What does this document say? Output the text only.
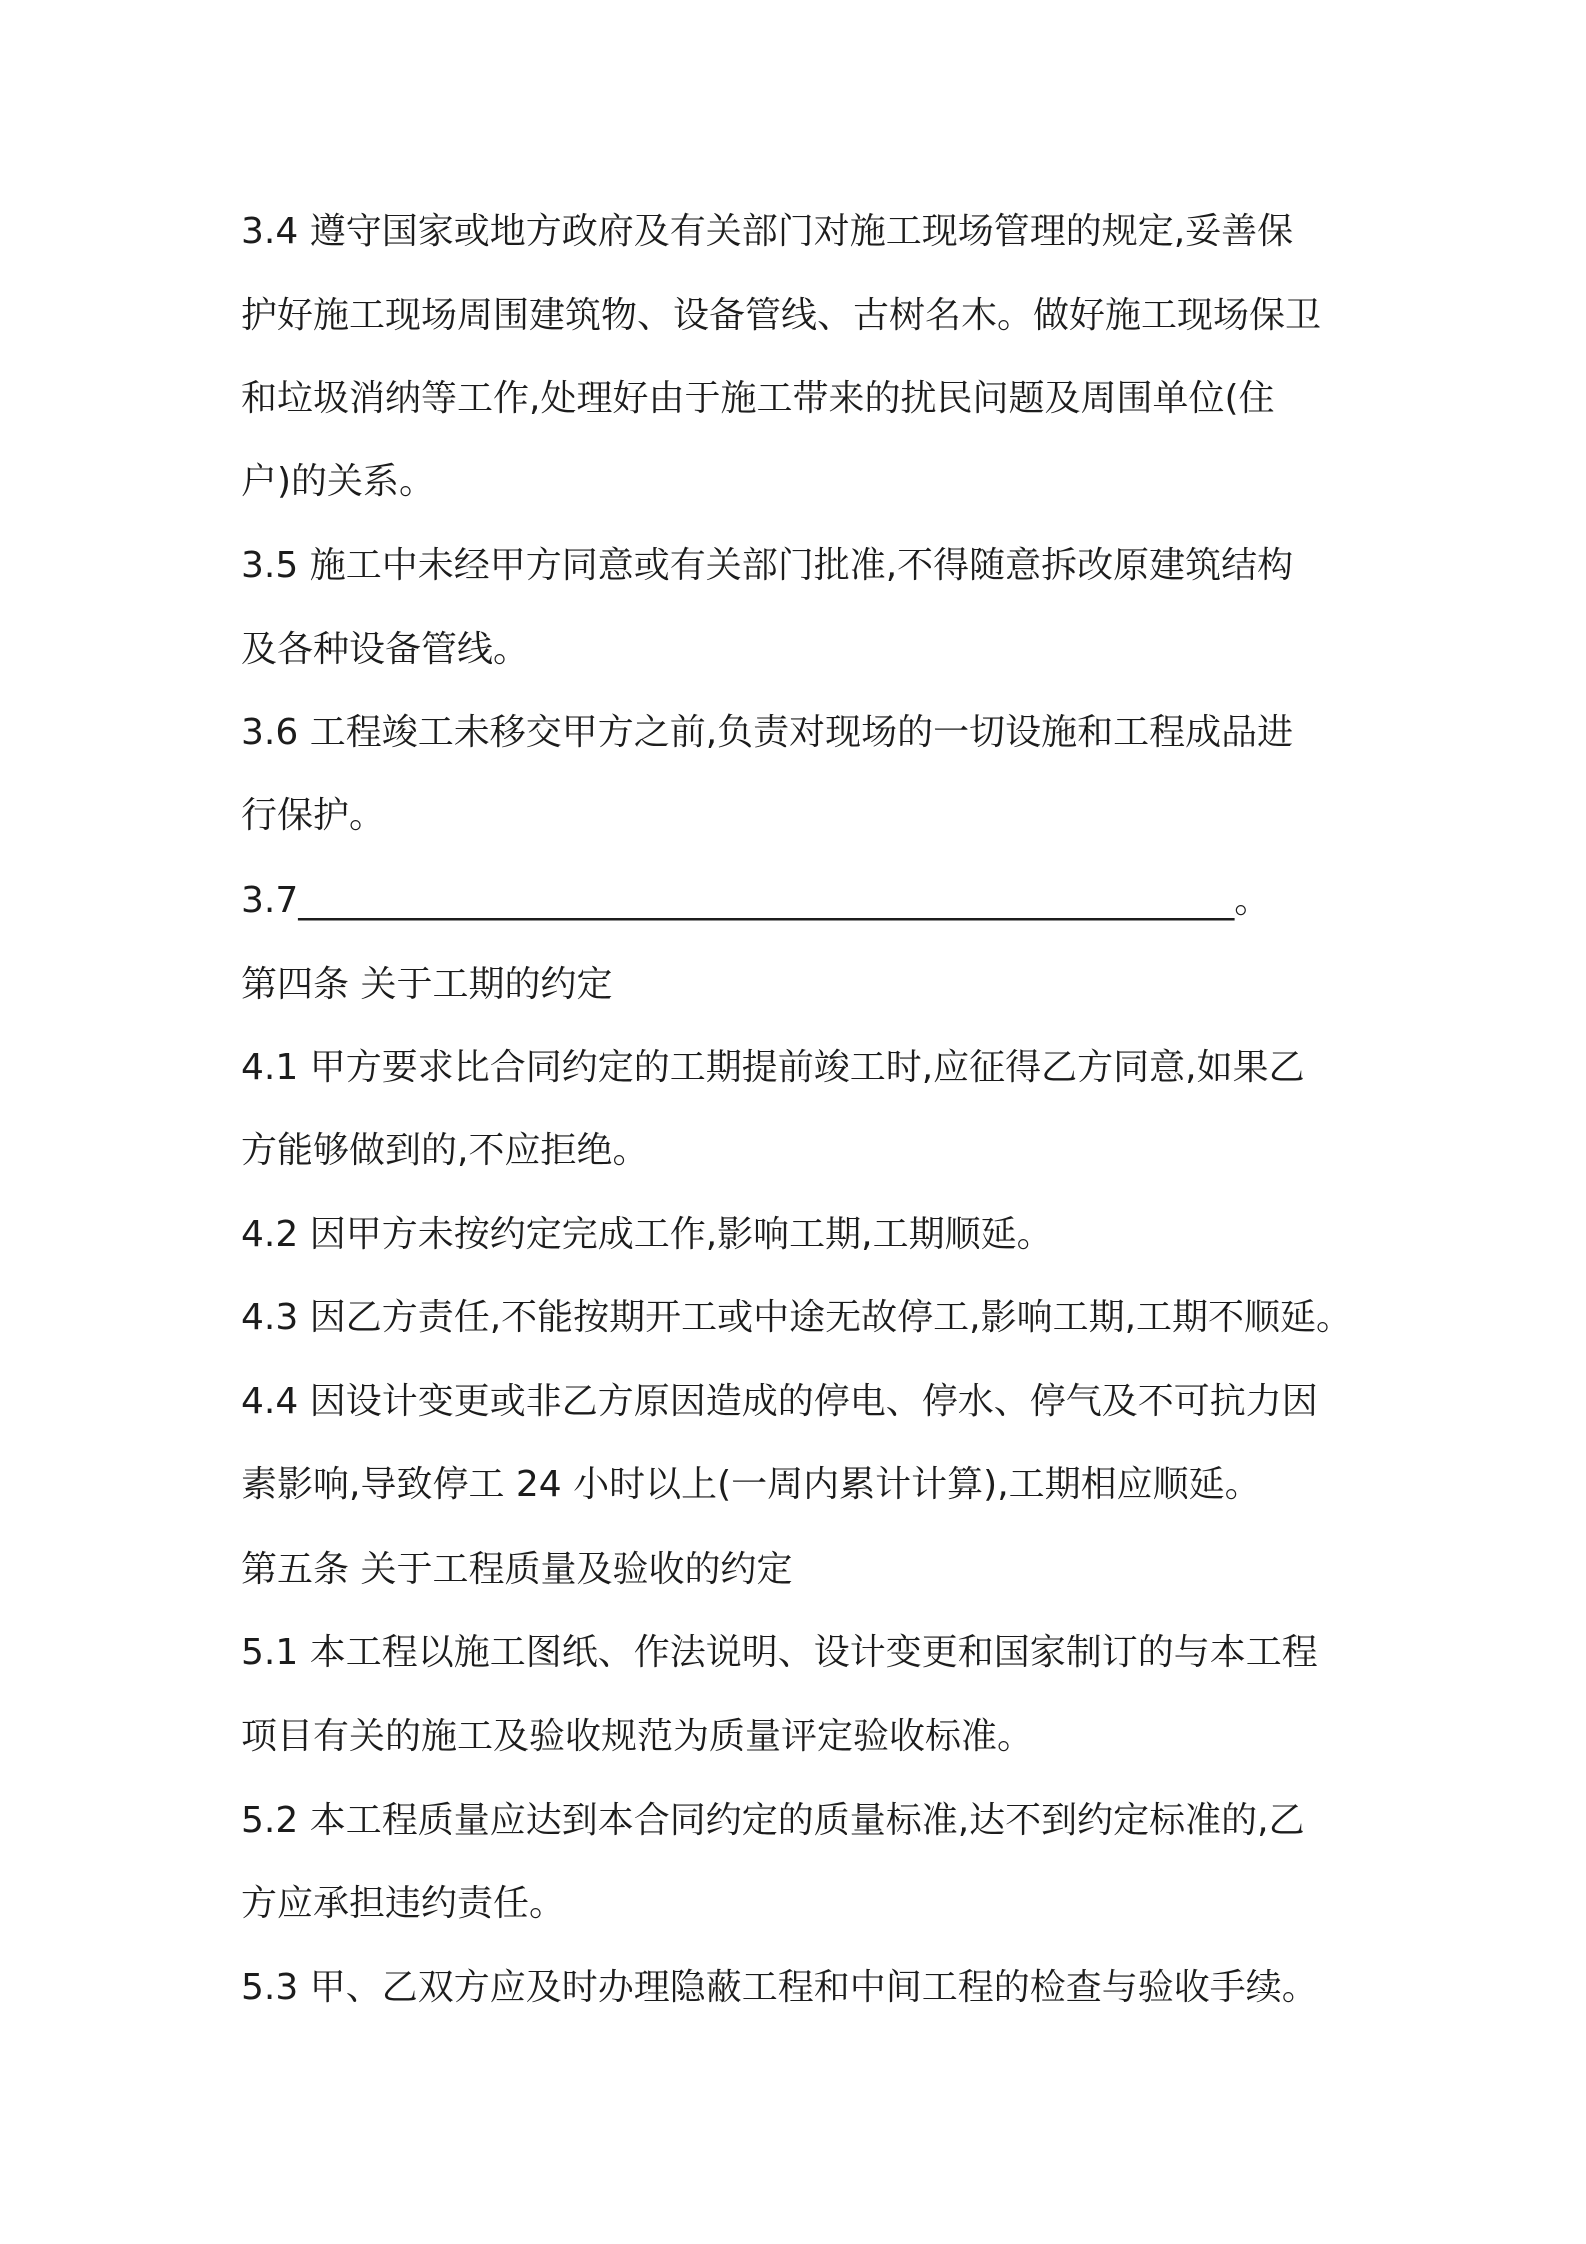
3.4 遵守国家或地方政府及有关部门对施工现场管理的规定,妥善保
护好施工现场周围建筑物、设备管线、古树名木。做好施工现场保卫
和垃圾消纳等工作,处理好由于施工带来的扰民问题及周围单位(住
户)的关系。
3.5 施工中未经甲方同意或有关部门批准,不得随意拆改原建筑结构
及各种设备管线。
3.6 工程竣工未移交甲方之前,负责对现场的一切设施和工程成品进
行保护。
3.7____________________________________________________。
第四条 关于工期的约定
4.1 甲方要求比合同约定的工期提前竣工时,应征得乙方同意,如果乙
方能够做到的,不应拒绝。
4.2 因甲方未按约定完成工作,影响工期,工期顺延。
4.3 因乙方责任,不能按期开工或中途无故停工,影响工期,工期不顺延。
4.4 因设计变更或非乙方原因造成的停电、停水、停气及不可抗力因
素影响,导致停工 24 小时以上(一周内累计计算),工期相应顺延。
第五条 关于工程质量及验收的约定
5.1 本工程以施工图纸、作法说明、设计变更和国家制订的与本工程
项目有关的施工及验收规范为质量评定验收标准。
5.2 本工程质量应达到本合同约定的质量标准,达不到约定标准的,乙
方应承担违约责任。
5.3 甲、乙双方应及时办理隐蔽工程和中间工程的检查与验收手续。
